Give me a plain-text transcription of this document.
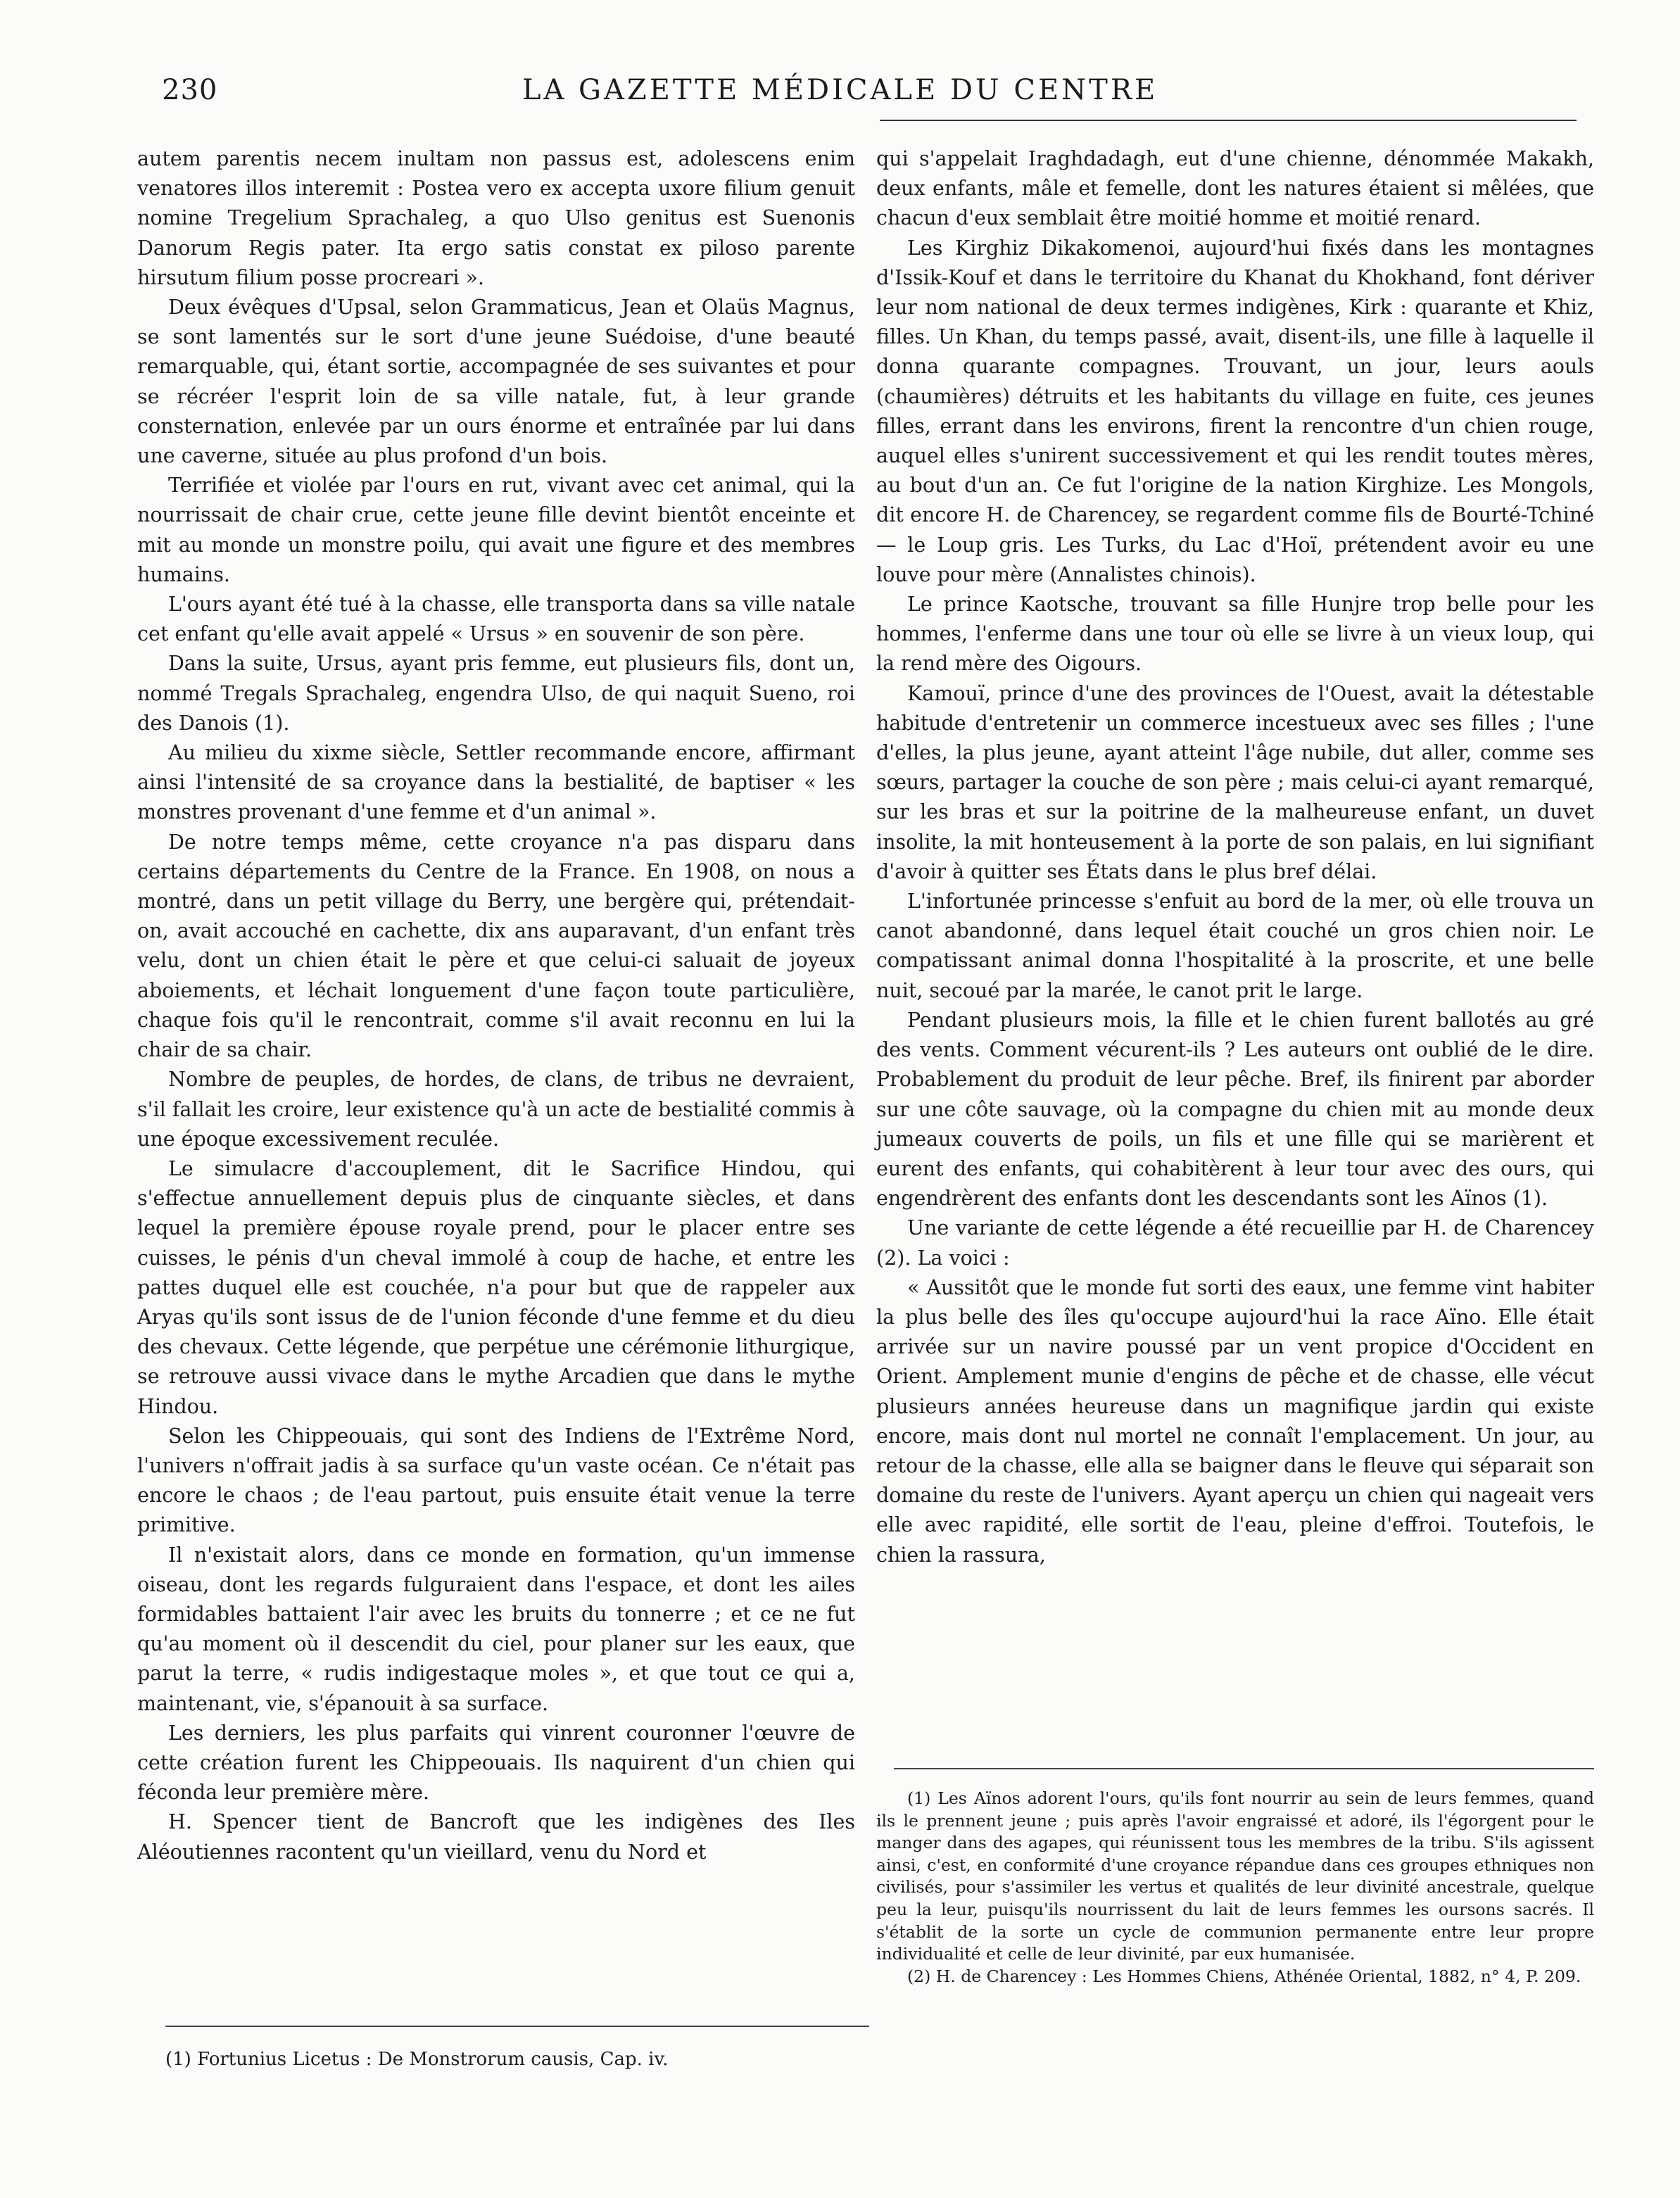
230	LA GAZETTE MÉDICALE DU CENTRE

autem parentis necem inultam non passus est, adolescens enim venatores illos interemit : Postea vero ex accepta uxore filium genuit nomine Tregelium Sprachaleg, a quo Ulso genitus est Suenonis Danorum Regis pater. Ita ergo satis constat ex piloso parente hirsutum filium posse procreari ».

Deux évêques d'Upsal, selon Grammaticus, Jean et Olaüs Magnus, se sont lamentés sur le sort d'une jeune Suédoise, d'une beauté remarquable, qui, étant sortie, accompagnée de ses suivantes et pour se récréer l'esprit loin de sa ville natale, fut, à leur grande consternation, enlevée par un ours énorme et entraînée par lui dans une caverne, située au plus profond d'un bois.

Terrifiée et violée par l'ours en rut, vivant avec cet animal, qui la nourrissait de chair crue, cette jeune fille devint bientôt enceinte et mit au monde un monstre poilu, qui avait une figure et des membres humains.

L'ours ayant été tué à la chasse, elle transporta dans sa ville natale cet enfant qu'elle avait appelé « Ursus » en souvenir de son père.

Dans la suite, Ursus, ayant pris femme, eut plusieurs fils, dont un, nommé Tregals Sprachaleg, engendra Ulso, de qui naquit Sueno, roi des Danois (1).

Au milieu du xixme siècle, Settler recommande encore, affirmant ainsi l'intensité de sa croyance dans la bestialité, de baptiser « les monstres provenant d'une femme et d'un animal ».

De notre temps même, cette croyance n'a pas disparu dans certains départements du Centre de la France. En 1908, on nous a montré, dans un petit village du Berry, une bergère qui, prétendait-on, avait accouché en cachette, dix ans auparavant, d'un enfant très velu, dont un chien était le père et que celui-ci saluait de joyeux aboiements, et léchait longuement d'une façon toute particulière, chaque fois qu'il le rencontrait, comme s'il avait reconnu en lui la chair de sa chair.

Nombre de peuples, de hordes, de clans, de tribus ne devraient, s'il fallait les croire, leur existence qu'à un acte de bestialité commis à une époque excessivement reculée.

Le simulacre d'accouplement, dit le Sacrifice Hindou, qui s'effectue annuellement depuis plus de cinquante siècles, et dans lequel la première épouse royale prend, pour le placer entre ses cuisses, le pénis d'un cheval immolé à coup de hache, et entre les pattes duquel elle est couchée, n'a pour but que de rappeler aux Aryas qu'ils sont issus de de l'union féconde d'une femme et du dieu des chevaux. Cette légende, que perpétue une cérémonie lithurgique, se retrouve aussi vivace dans le mythe Arcadien que dans le mythe Hindou.

Selon les Chippeouais, qui sont des Indiens de l'Extrême Nord, l'univers n'offrait jadis à sa surface qu'un vaste océan. Ce n'était pas encore le chaos ; de l'eau partout, puis ensuite était venue la terre primitive.

Il n'existait alors, dans ce monde en formation, qu'un immense oiseau, dont les regards fulguraient dans l'espace, et dont les ailes formidables battaient l'air avec les bruits du tonnerre ; et ce ne fut qu'au moment où il descendit du ciel, pour planer sur les eaux, que parut la terre, « rudis indigestaque moles », et que tout ce qui a, maintenant, vie, s'épanouit à sa surface.

Les derniers, les plus parfaits qui vinrent couronner l'œuvre de cette création furent les Chippeouais. Ils naquirent d'un chien qui féconda leur première mère.

H. Spencer tient de Bancroft que les indigènes des Iles Aléoutiennes racontent qu'un vieillard, venu du Nord et

(1) Fortunius Licetus : De Monstrorum causis, Cap. iv.

qui s'appelait Iraghdadagh, eut d'une chienne, dénommée Makakh, deux enfants, mâle et femelle, dont les natures étaient si mêlées, que chacun d'eux semblait être moitié homme et moitié renard.

Les Kirghiz Dikakomenoi, aujourd'hui fixés dans les montagnes d'Issik-Kouf et dans le territoire du Khanat du Khokhand, font dériver leur nom national de deux termes indigènes, Kirk : quarante et Khiz, filles. Un Khan, du temps passé, avait, disent-ils, une fille à laquelle il donna quarante compagnes. Trouvant, un jour, leurs aouls (chaumières) détruits et les habitants du village en fuite, ces jeunes filles, errant dans les environs, firent la rencontre d'un chien rouge, auquel elles s'unirent successivement et qui les rendit toutes mères, au bout d'un an. Ce fut l'origine de la nation Kirghize. Les Mongols, dit encore H. de Charencey, se regardent comme fils de Bourté-Tchiné — le Loup gris. Les Turks, du Lac d'Hoï, prétendent avoir eu une louve pour mère (Annalistes chinois).

Le prince Kaotsche, trouvant sa fille Hunjre trop belle pour les hommes, l'enferme dans une tour où elle se livre à un vieux loup, qui la rend mère des Oigours.

Kamouï, prince d'une des provinces de l'Ouest, avait la détestable habitude d'entretenir un commerce incestueux avec ses filles ; l'une d'elles, la plus jeune, ayant atteint l'âge nubile, dut aller, comme ses sœurs, partager la couche de son père ; mais celui-ci ayant remarqué, sur les bras et sur la poitrine de la malheureuse enfant, un duvet insolite, la mit honteusement à la porte de son palais, en lui signifiant d'avoir à quitter ses États dans le plus bref délai.

L'infortunée princesse s'enfuit au bord de la mer, où elle trouva un canot abandonné, dans lequel était couché un gros chien noir. Le compatissant animal donna l'hospitalité à la proscrite, et une belle nuit, secoué par la marée, le canot prit le large.

Pendant plusieurs mois, la fille et le chien furent ballotés au gré des vents. Comment vécurent-ils ? Les auteurs ont oublié de le dire. Probablement du produit de leur pêche. Bref, ils finirent par aborder sur une côte sauvage, où la compagne du chien mit au monde deux jumeaux couverts de poils, un fils et une fille qui se marièrent et eurent des enfants, qui cohabitèrent à leur tour avec des ours, qui engendrèrent des enfants dont les descendants sont les Aïnos (1).

Une variante de cette légende a été recueillie par H. de Charencey (2). La voici :

« Aussitôt que le monde fut sorti des eaux, une femme vint habiter la plus belle des îles qu'occupe aujourd'hui la race Aïno. Elle était arrivée sur un navire poussé par un vent propice d'Occident en Orient. Amplement munie d'engins de pêche et de chasse, elle vécut plusieurs années heureuse dans un magnifique jardin qui existe encore, mais dont nul mortel ne connaît l'emplacement. Un jour, au retour de la chasse, elle alla se baigner dans le fleuve qui séparait son domaine du reste de l'univers. Ayant aperçu un chien qui nageait vers elle avec rapidité, elle sortit de l'eau, pleine d'effroi. Toutefois, le chien la rassura,

(1) Les Aïnos adorent l'ours, qu'ils font nourrir au sein de leurs femmes, quand ils le prennent jeune ; puis après l'avoir engraissé et adoré, ils l'égorgent pour le manger dans des agapes, qui réunissent tous les membres de la tribu. S'ils agissent ainsi, c'est, en conformité d'une croyance répandue dans ces groupes ethniques non civilisés, pour s'assimiler les vertus et qualités de leur divinité ancestrale, quelque peu la leur, puisqu'ils nourrissent du lait de leurs femmes les oursons sacrés. Il s'établit de la sorte un cycle de communion permanente entre leur propre individualité et celle de leur divinité, par eux humanisée.

(2) H. de Charencey : Les Hommes Chiens, Athénée Oriental, 1882, n° 4, P. 209.
